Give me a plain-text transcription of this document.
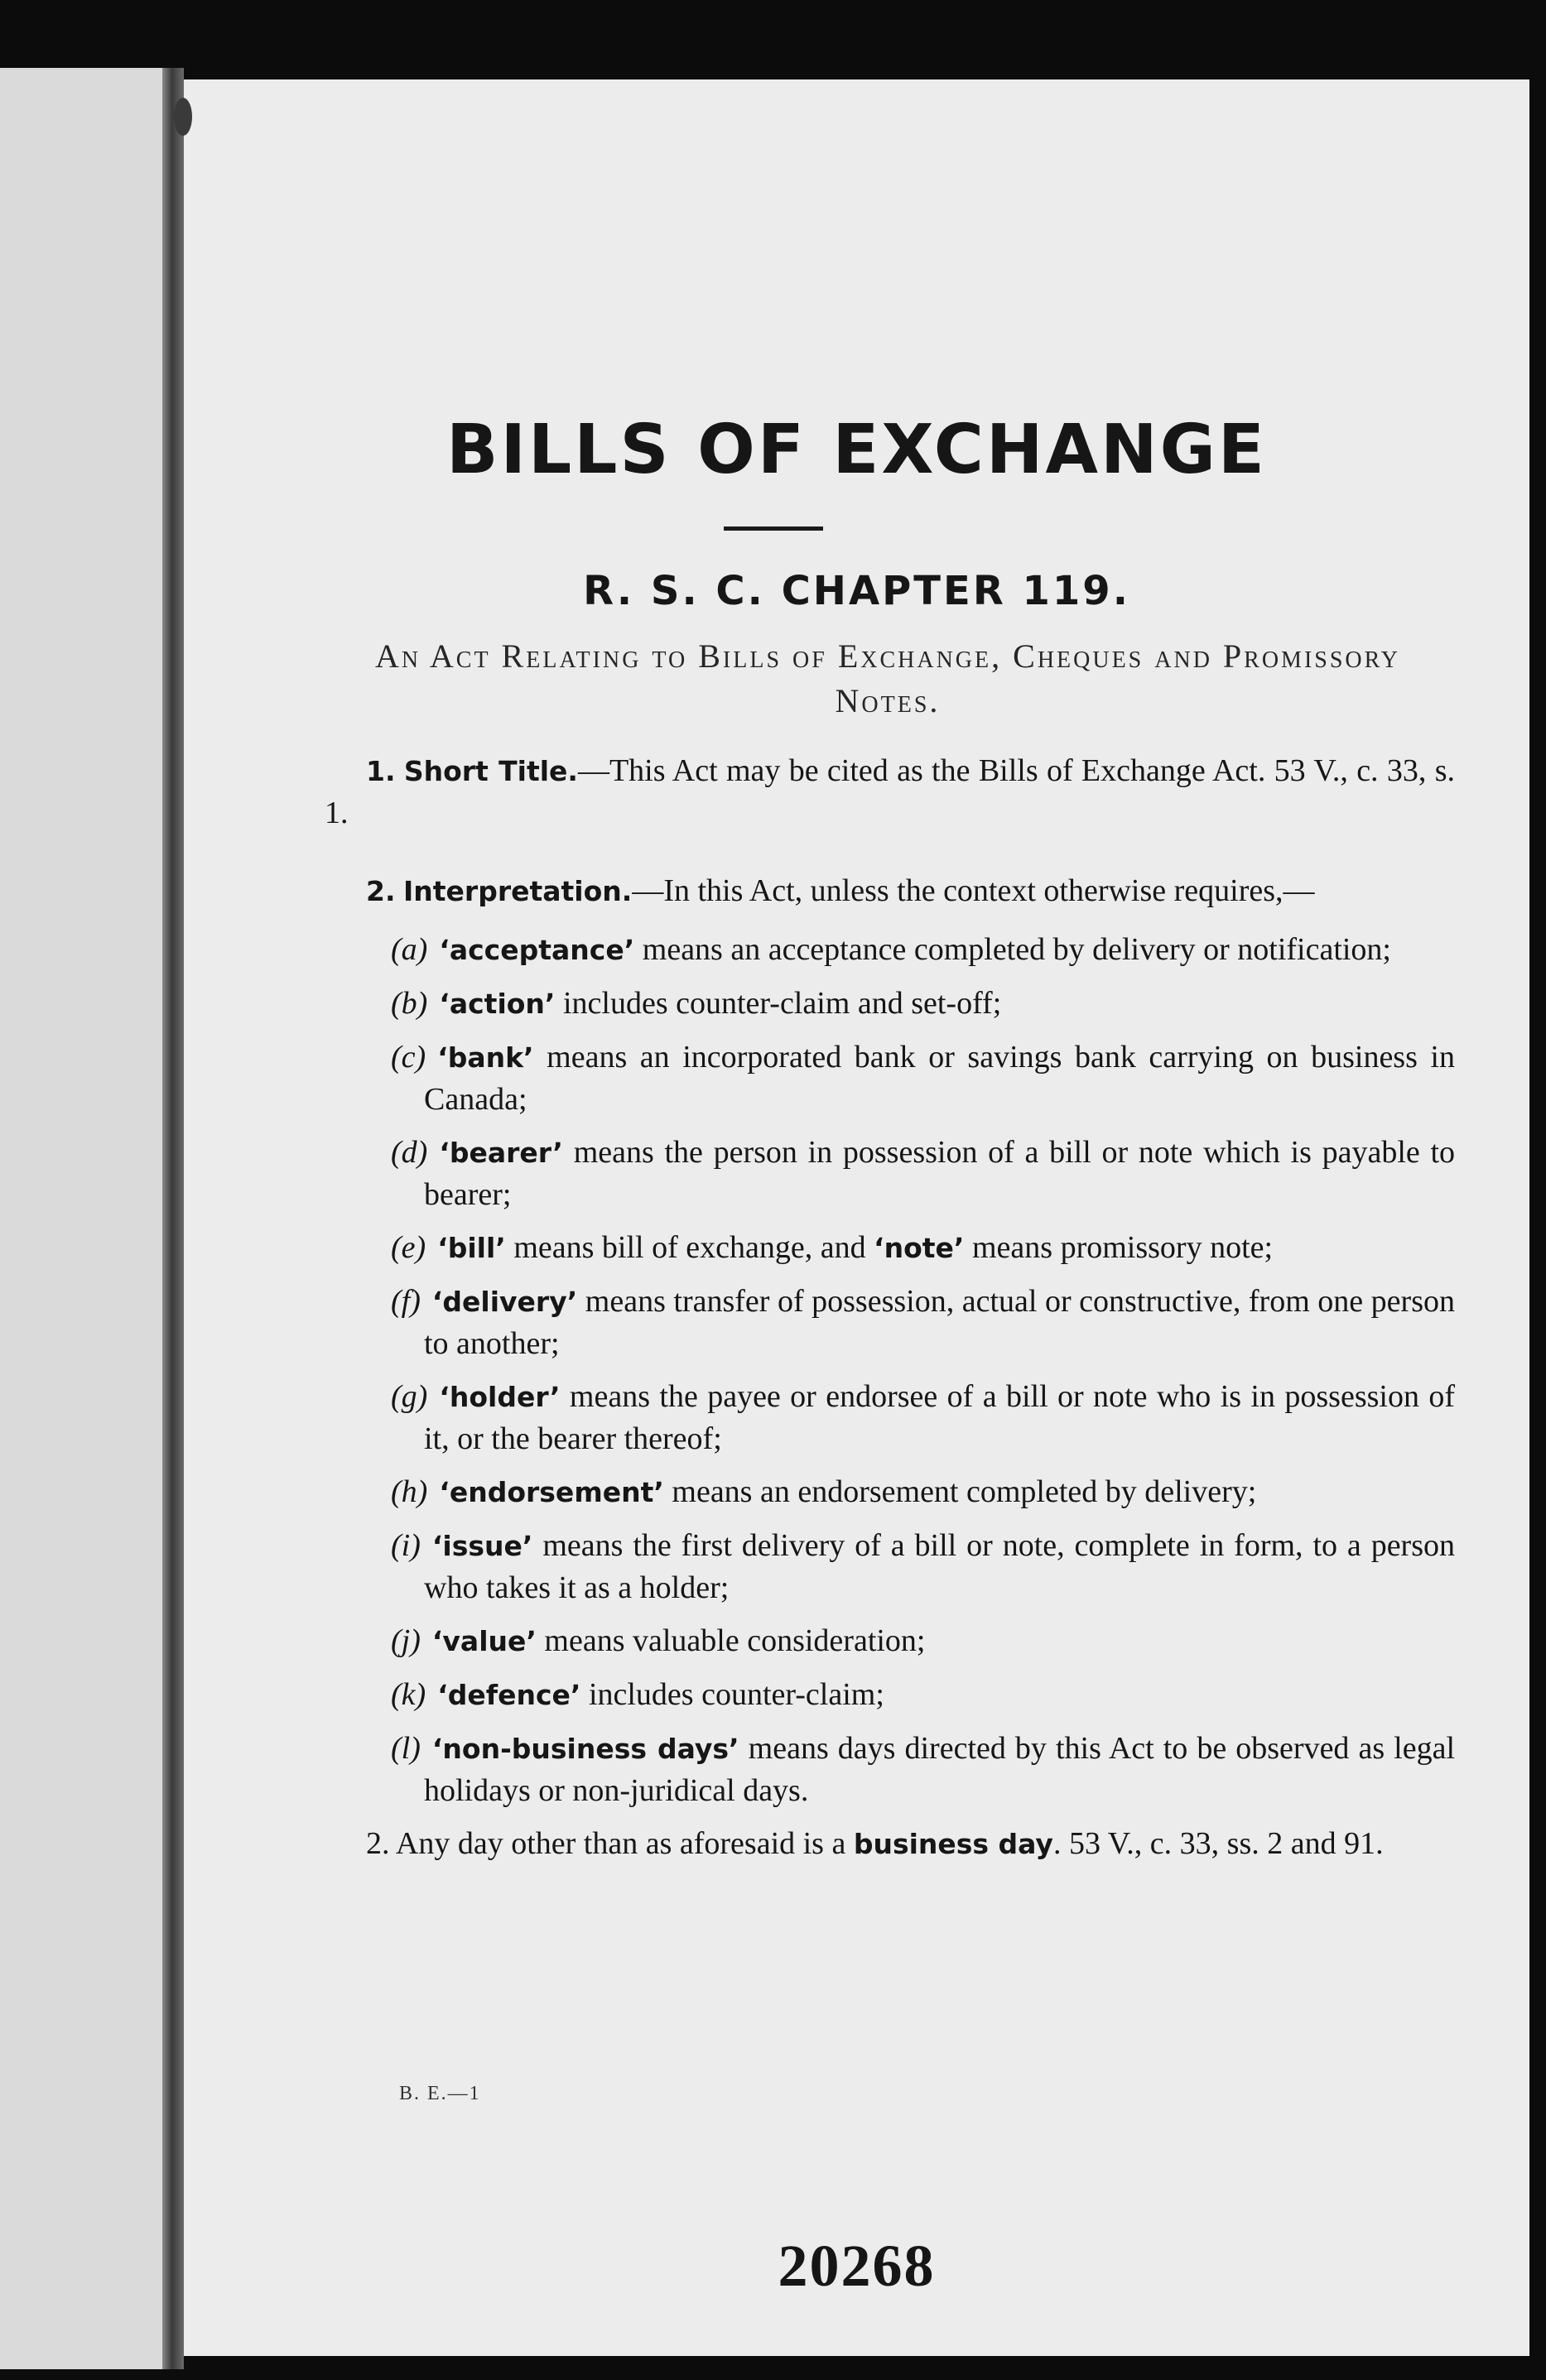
BILLS OF EXCHANGE
R. S. C. CHAPTER 119.

An Act Relating to Bills of Exchange, Cheques and Promissory Notes.

1. Short Title.—This Act may be cited as the Bills of Exchange Act. 53 V., c. 33, s. 1.

2. Interpretation.—In this Act, unless the context otherwise requires,—

(a) ‘acceptance’ means an acceptance completed by delivery or notification;

(b) ‘action’ includes counter-claim and set-off;

(c) ‘bank’ means an incorporated bank or savings bank carrying on business in Canada;

(d) ‘bearer’ means the person in possession of a bill or note which is payable to bearer;

(e) ‘bill’ means bill of exchange, and ‘note’ means promissory note;

(f) ‘delivery’ means transfer of possession, actual or constructive, from one person to another;

(g) ‘holder’ means the payee or endorsee of a bill or note who is in possession of it, or the bearer thereof;

(h) ‘endorsement’ means an endorsement completed by delivery;

(i) ‘issue’ means the first delivery of a bill or note, complete in form, to a person who takes it as a holder;

(j) ‘value’ means valuable consideration;

(k) ‘defence’ includes counter-claim;

(l) ‘non-business days’ means days directed by this Act to be observed as legal holidays or non-juridical days.

2. Any day other than as aforesaid is a business day. 53 V., c. 33, ss. 2 and 91.

B. E.—1
20268
